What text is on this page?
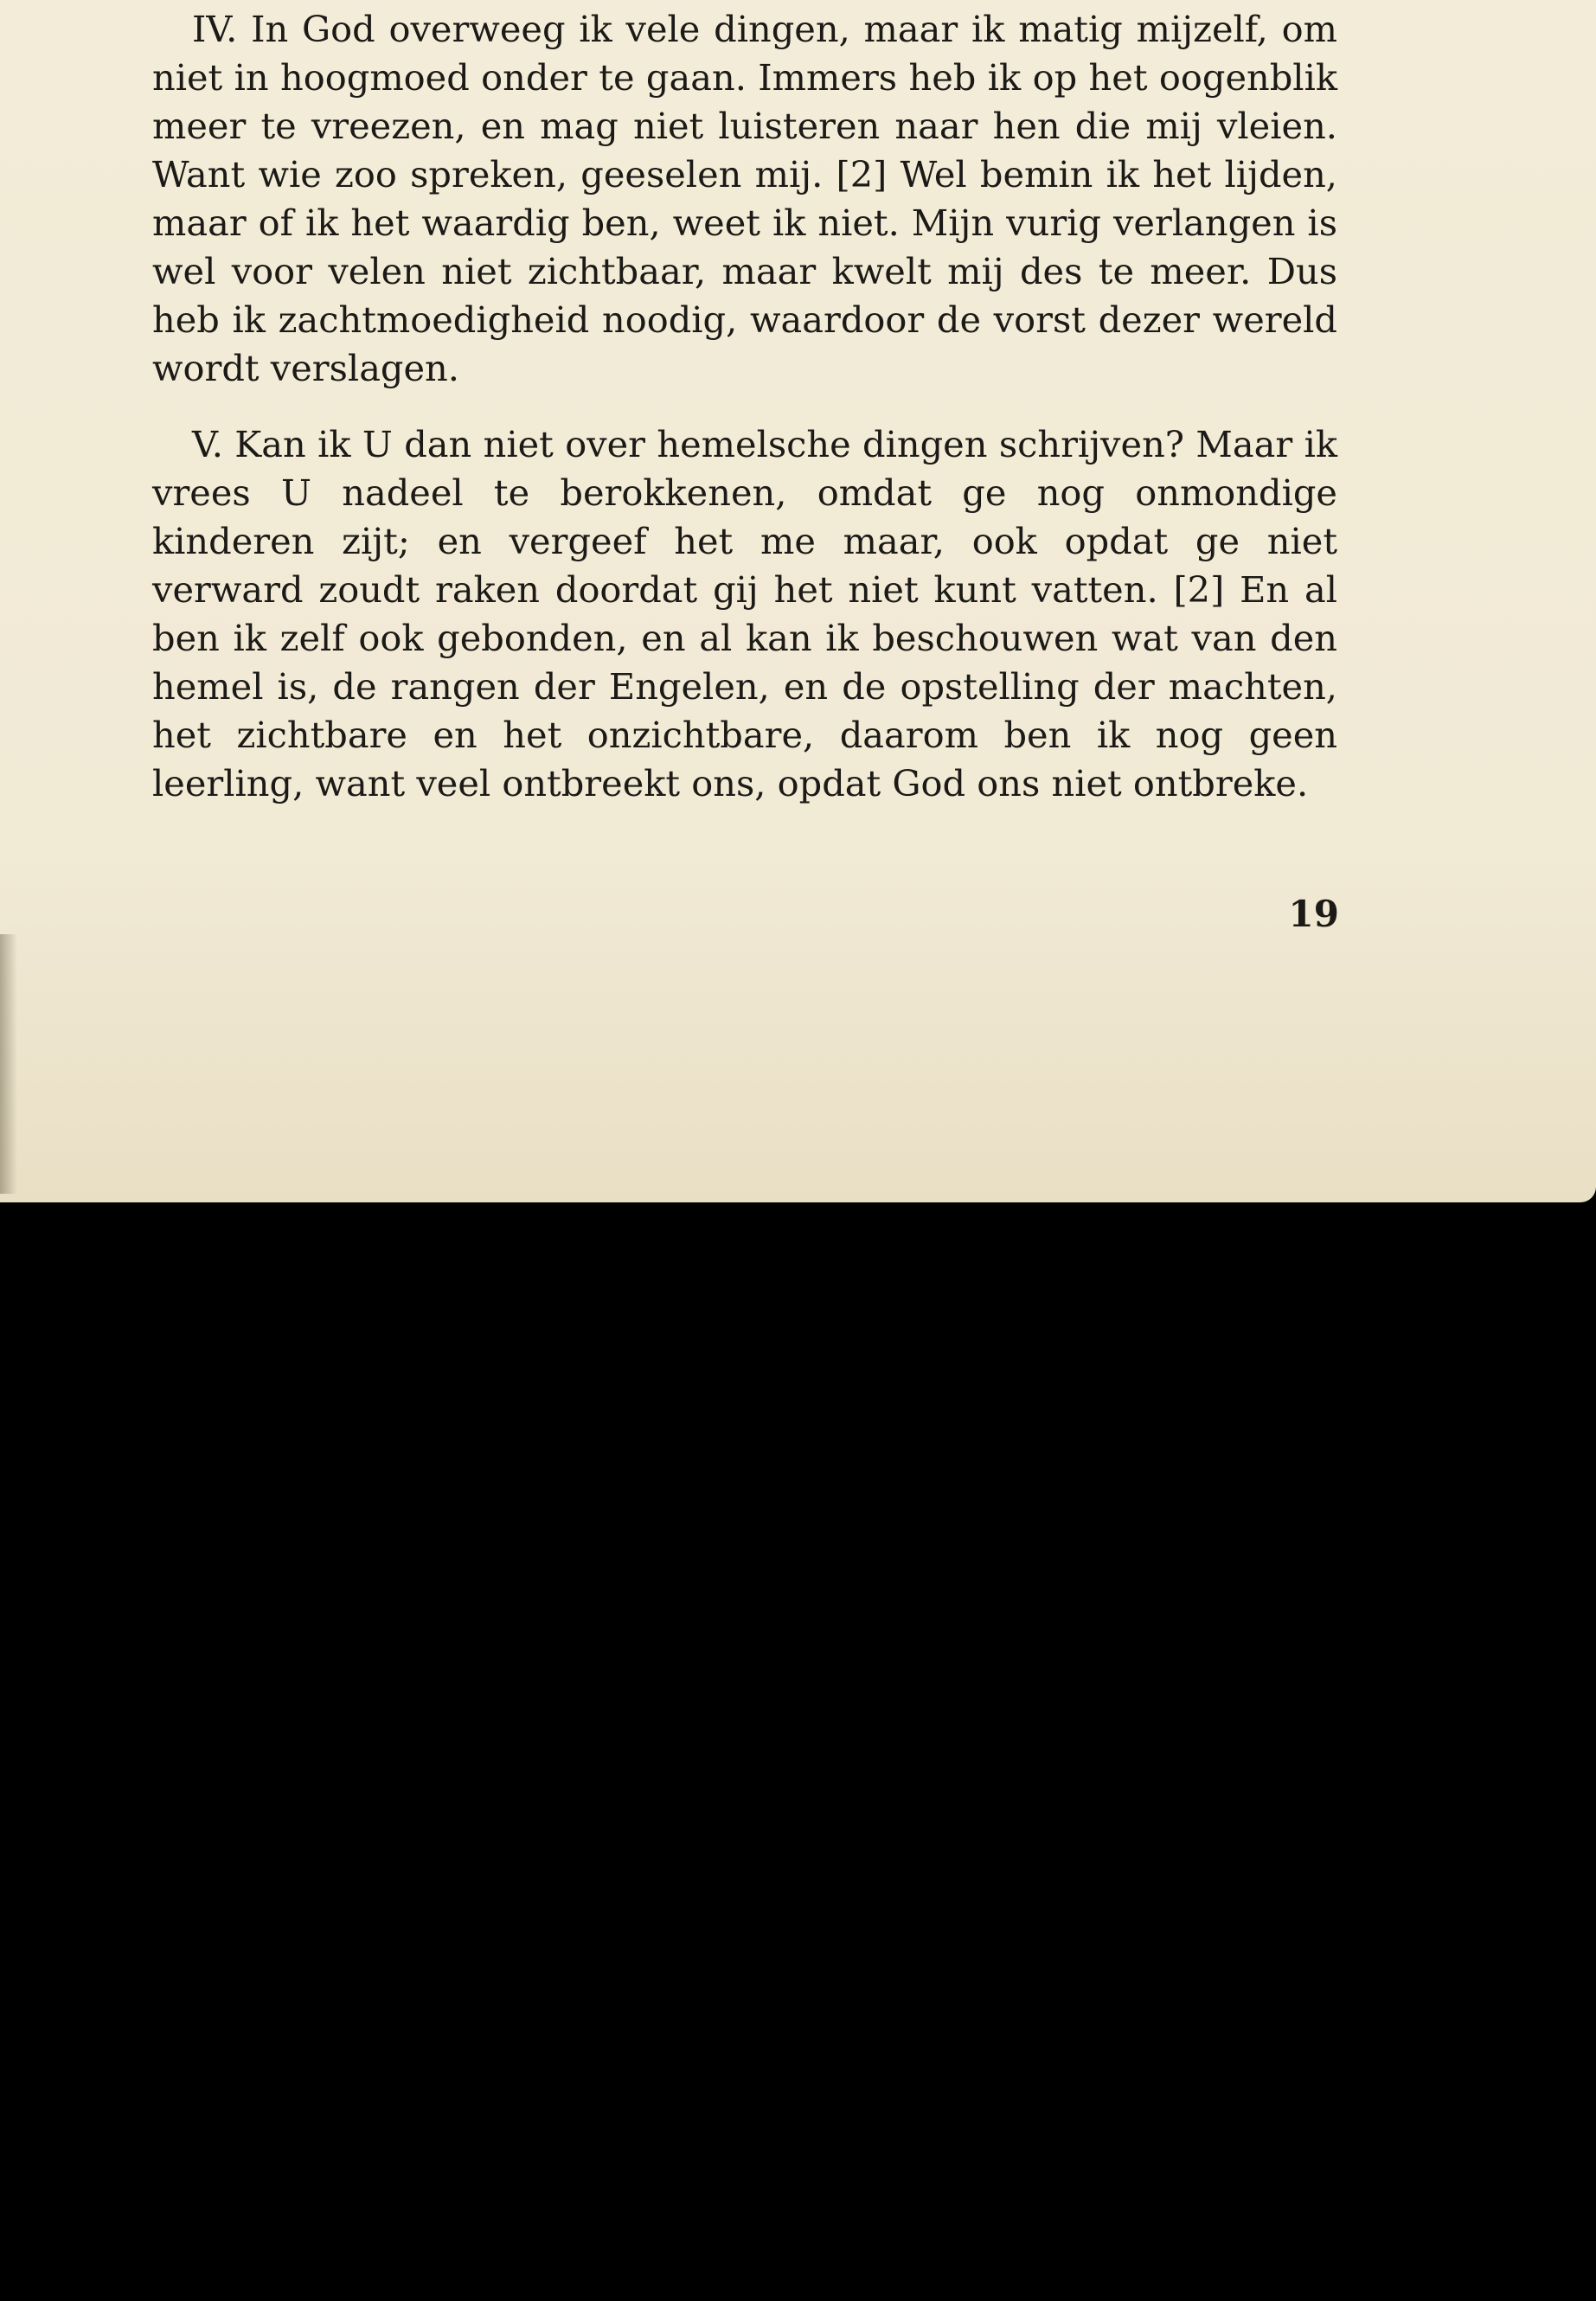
IV. In God overweeg ik vele dingen, maar ik matig mijzelf, om niet in hoogmoed onder te gaan. Immers heb ik op het oogenblik meer te vreezen, en mag niet luisteren naar hen die mij vleien. Want wie zoo spreken, geeselen mij. [2] Wel bemin ik het lijden, maar of ik het waardig ben, weet ik niet. Mijn vurig verlangen is wel voor velen niet zichtbaar, maar kwelt mij des te meer. Dus heb ik zachtmoedigheid noodig, waardoor de vorst dezer wereld wordt verslagen.

V. Kan ik U dan niet over hemelsche dingen schrijven? Maar ik vrees U nadeel te berokkenen, omdat ge nog onmondige kinderen zijt; en vergeef het me maar, ook opdat ge niet verward zoudt raken doordat gij het niet kunt vatten. [2] En al ben ik zelf ook gebonden, en al kan ik beschouwen wat van den hemel is, de rangen der Engelen, en de opstelling der machten, het zichtbare en het onzichtbare, daarom ben ik nog geen leerling, want veel ontbreekt ons, opdat God ons niet ontbreke.

19
